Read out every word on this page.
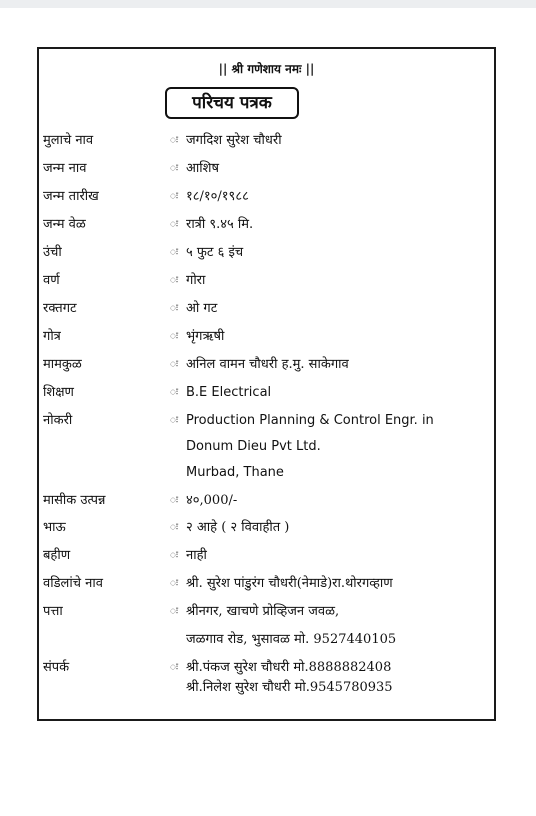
|| श्री गणेशाय नमः ||
परिचय पत्रक
मुलाचे नाव	ः जगदिश सुरेश चौधरी
जन्म नाव	ः आशिष
जन्म तारीख	ः १८/१०/१९८८
जन्म वेळ	ः रात्री ९.४५ मि.
उंची	ः ५ फुट ६ इंच
वर्ण	ः गोरा
रक्तगट	ः ओ गट
गोत्र	ः भृंगऋषी
मामकुळ	ः अनिल वामन चौधरी ह.मु. साकेगाव
शिक्षण	ः B.E Electrical
नोकरी	ः Production Planning & Control Engr. in
Donum Dieu Pvt Ltd.
Murbad, Thane
मासीक उत्पन्न	ः ४०,000/-
भाऊ	ः २ आहे ( २ विवाहीत )
बहीण	ः नाही
वडिलांचे नाव	ः श्री. सुरेश पांडुरंग चौधरी(नेमाडे)रा.थोरगव्हाण
पत्ता	ः श्रीनगर, खाचणे प्रोव्हिजन जवळ,
जळगाव रोड, भुसावळ मो. 9527440105
संपर्क	ः श्री.पंकज सुरेश चौधरी मो.8888882408
श्री.निलेश सुरेश चौधरी मो.9545780935
